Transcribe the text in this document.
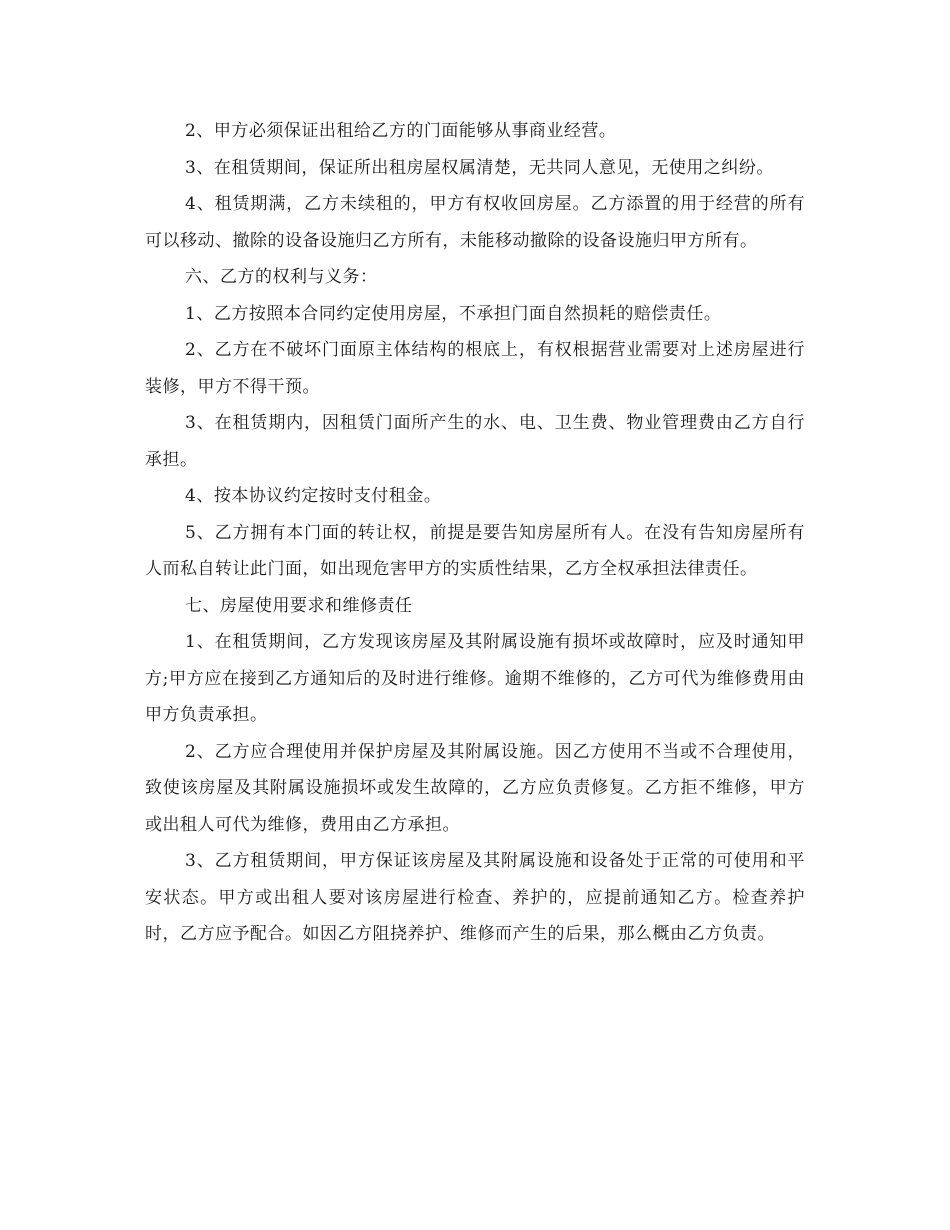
2、甲方必须保证出租给乙方的门面能够从事商业经营。

3、在租赁期间，保证所出租房屋权属清楚，无共同人意见，无使用之纠纷。

4、租赁期满，乙方未续租的，甲方有权收回房屋。乙方添置的用于经营的所有可以移动、撤除的设备设施归乙方所有，未能移动撤除的设备设施归甲方所有。

六、乙方的权利与义务：

1、乙方按照本合同约定使用房屋，不承担门面自然损耗的赔偿责任。

2、乙方在不破坏门面原主体结构的根底上，有权根据营业需要对上述房屋进行装修，甲方不得干预。

3、在租赁期内，因租赁门面所产生的水、电、卫生费、物业管理费由乙方自行承担。

4、按本协议约定按时支付租金。

5、乙方拥有本门面的转让权，前提是要告知房屋所有人。在没有告知房屋所有人而私自转让此门面，如出现危害甲方的实质性结果，乙方全权承担法律责任。

七、房屋使用要求和维修责任

1、在租赁期间，乙方发现该房屋及其附属设施有损坏或故障时，应及时通知甲方;甲方应在接到乙方通知后的及时进行维修。逾期不维修的，乙方可代为维修费用由甲方负责承担。

2、乙方应合理使用并保护房屋及其附属设施。因乙方使用不当或不合理使用，致使该房屋及其附属设施损坏或发生故障的，乙方应负责修复。乙方拒不维修，甲方或出租人可代为维修，费用由乙方承担。

3、乙方租赁期间，甲方保证该房屋及其附属设施和设备处于正常的可使用和平安状态。甲方或出租人要对该房屋进行检查、养护的，应提前通知乙方。检查养护时，乙方应予配合。如因乙方阻挠养护、维修而产生的后果，那么概由乙方负责。
